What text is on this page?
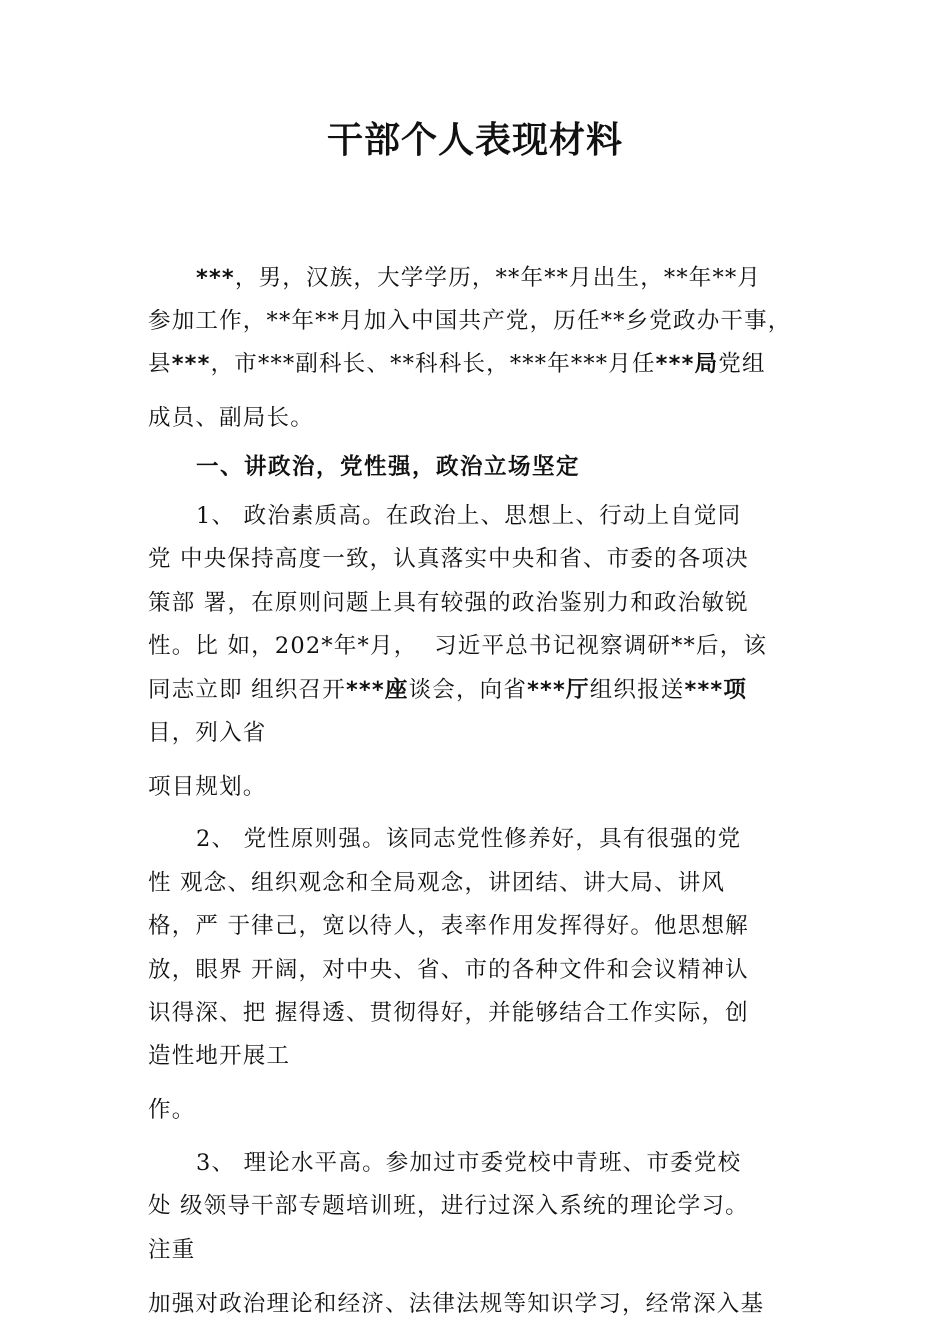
干部个人表现材料
***，男，汉族，大学学历，**年**月出生，**年**月
参加工作，**年**月加入中国共产党，历任**乡党政办干事，
县***，市***副科长、**科科长，***年***月任***局党组
成员、副局长。
一、讲政治，党性强，政治立场坚定
1、 政治素质高。在政治上、思想上、行动上自觉同
党 中央保持高度一致，认真落实中央和省、市委的各项决
策部 署，在原则问题上具有较强的政治鉴别力和政治敏锐
性。比 如，202*年*月，  习近平总书记视察调研**后，该
同志立即 组织召开***座谈会，向省***厅组织报送***项
目，列入省
项目规划。
2、 党性原则强。该同志党性修养好，具有很强的党
性 观念、组织观念和全局观念，讲团结、讲大局、讲风
格，严 于律己，宽以待人，表率作用发挥得好。他思想解
放，眼界 开阔，对中央、省、市的各种文件和会议精神认
识得深、把 握得透、贯彻得好，并能够结合工作实际，创
造性地开展工
作。
3、 理论水平高。参加过市委党校中青班、市委党校
处 级领导干部专题培训班，进行过深入系统的理论学习。
注重
加强对政治理论和经济、法律法规等知识学习，经常深入基
